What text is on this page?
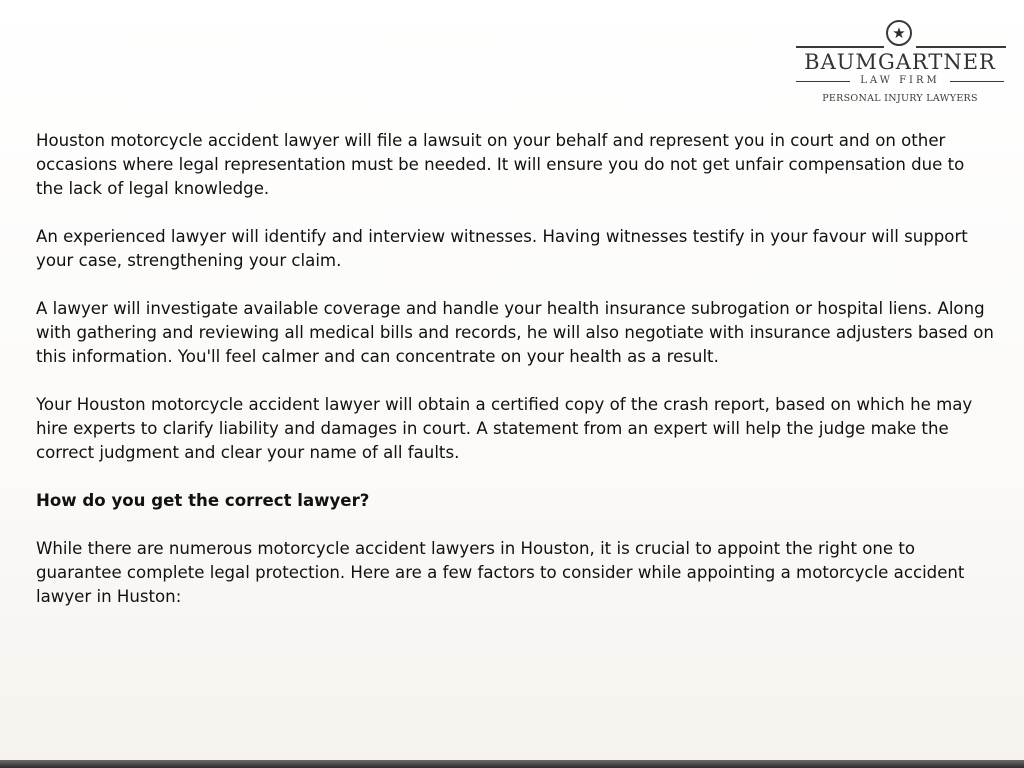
★
BAUMGARTNER
LAW FIRM
PERSONAL INJURY LAWYERS

Houston motorcycle accident lawyer will file a lawsuit on your behalf and represent you in court and on other occasions where legal representation must be needed. It will ensure you do not get unfair compensation due to the lack of legal knowledge.

An experienced lawyer will identify and interview witnesses. Having witnesses testify in your favour will support your case, strengthening your claim.

A lawyer will investigate available coverage and handle your health insurance subrogation or hospital liens. Along with gathering and reviewing all medical bills and records, he will also negotiate with insurance adjusters based on this information. You'll feel calmer and can concentrate on your health as a result.

Your Houston motorcycle accident lawyer will obtain a certified copy of the crash report, based on which he may hire experts to clarify liability and damages in court. A statement from an expert will help the judge make the correct judgment and clear your name of all faults.

How do you get the correct lawyer?

While there are numerous motorcycle accident lawyers in Houston, it is crucial to appoint the right one to guarantee complete legal protection. Here are a few factors to consider while appointing a motorcycle accident lawyer in Huston:
